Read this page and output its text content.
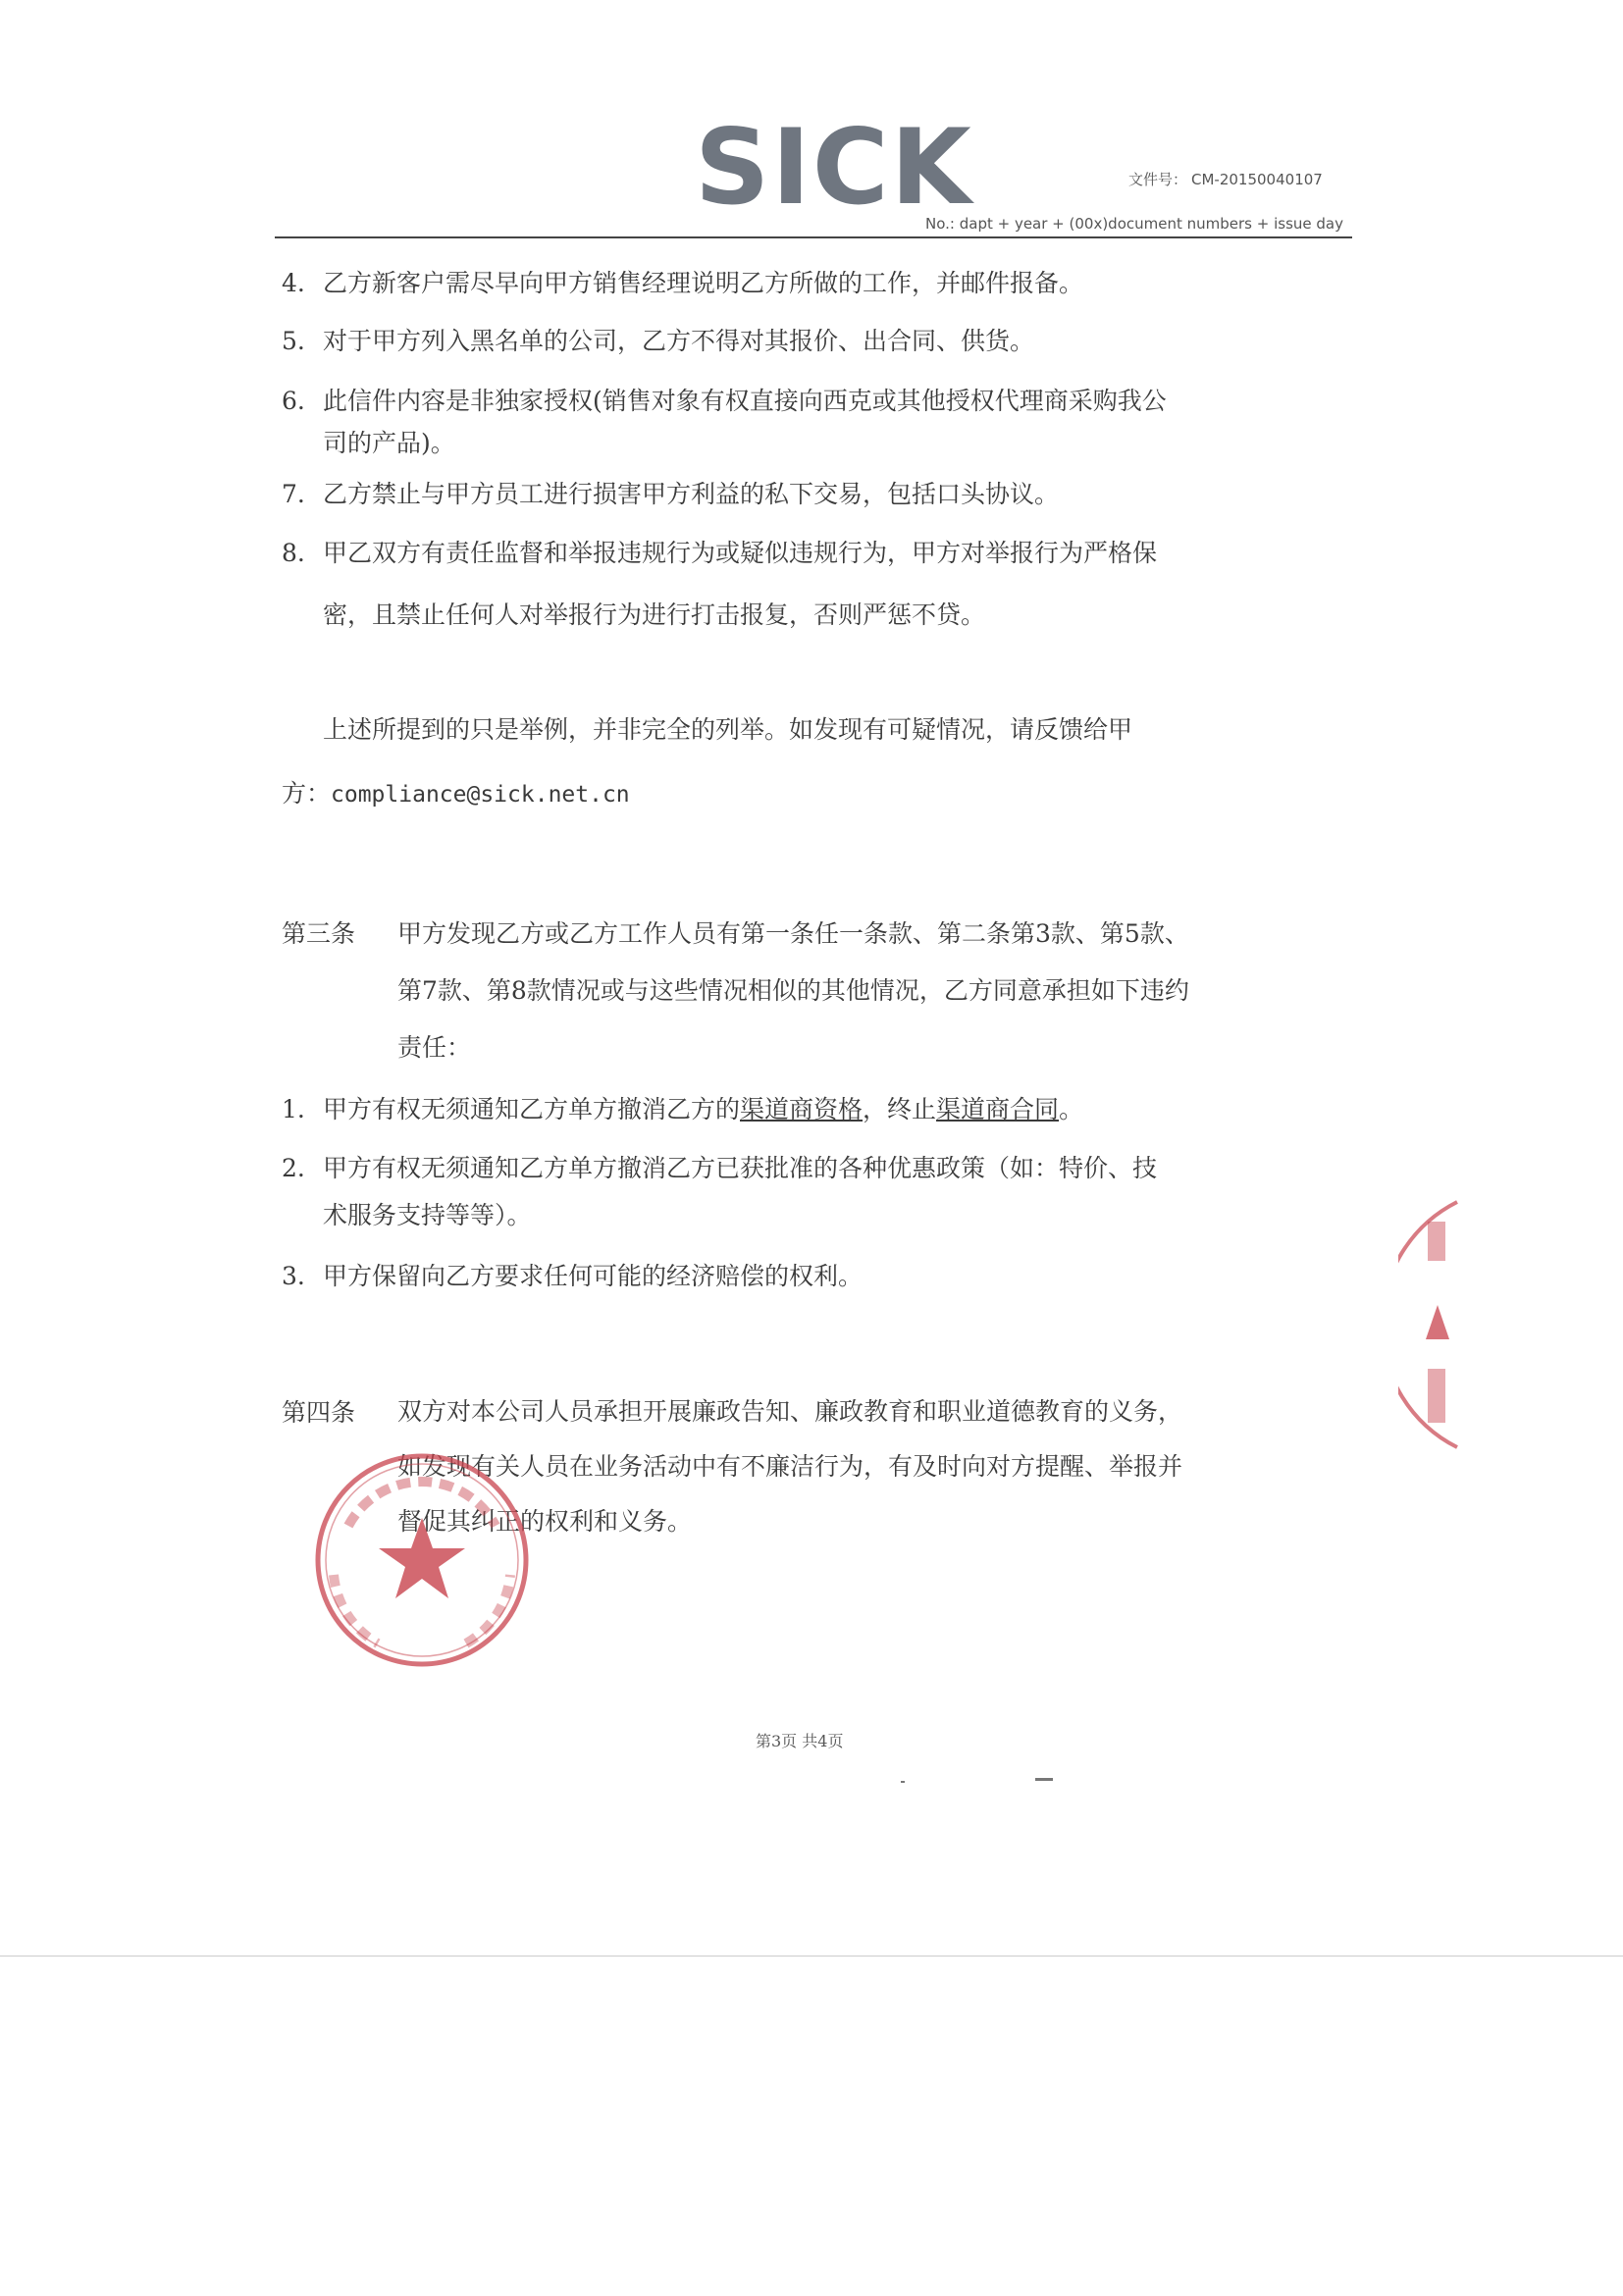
SICK	文件号： CM-20150040107
No.: dapt + year + (00x)document numbers + issue day
4. 乙方新客户需尽早向甲方销售经理说明乙方所做的工作，并邮件报备。
5. 对于甲方列入黑名单的公司，乙方不得对其报价、出合同、供货。
6. 此信件内容是非独家授权(销售对象有权直接向西克或其他授权代理商采购我公
司的产品)。
7. 乙方禁止与甲方员工进行损害甲方利益的私下交易，包括口头协议。
8. 甲乙双方有责任监督和举报违规行为或疑似违规行为，甲方对举报行为严格保
密，且禁止任何人对举报行为进行打击报复，否则严惩不贷。
上述所提到的只是举例，并非完全的列举。如发现有可疑情况，请反馈给甲
方：compliance@sick.net.cn
第三条 甲方发现乙方或乙方工作人员有第一条任一条款、第二条第3款、第5款、
第7款、第8款情况或与这些情况相似的其他情况，乙方同意承担如下违约
责任：
1. 甲方有权无须通知乙方单方撤消乙方的渠道商资格，终止渠道商合同。
2. 甲方有权无须通知乙方单方撤消乙方已获批准的各种优惠政策（如：特价、技
术服务支持等等）。
3. 甲方保留向乙方要求任何可能的经济赔偿的权利。
第四条 双方对本公司人员承担开展廉政告知、廉政教育和职业道德教育的义务，
如发现有关人员在业务活动中有不廉洁行为，有及时向对方提醒、举报并
督促其纠正的权利和义务。
第3页 共4页
